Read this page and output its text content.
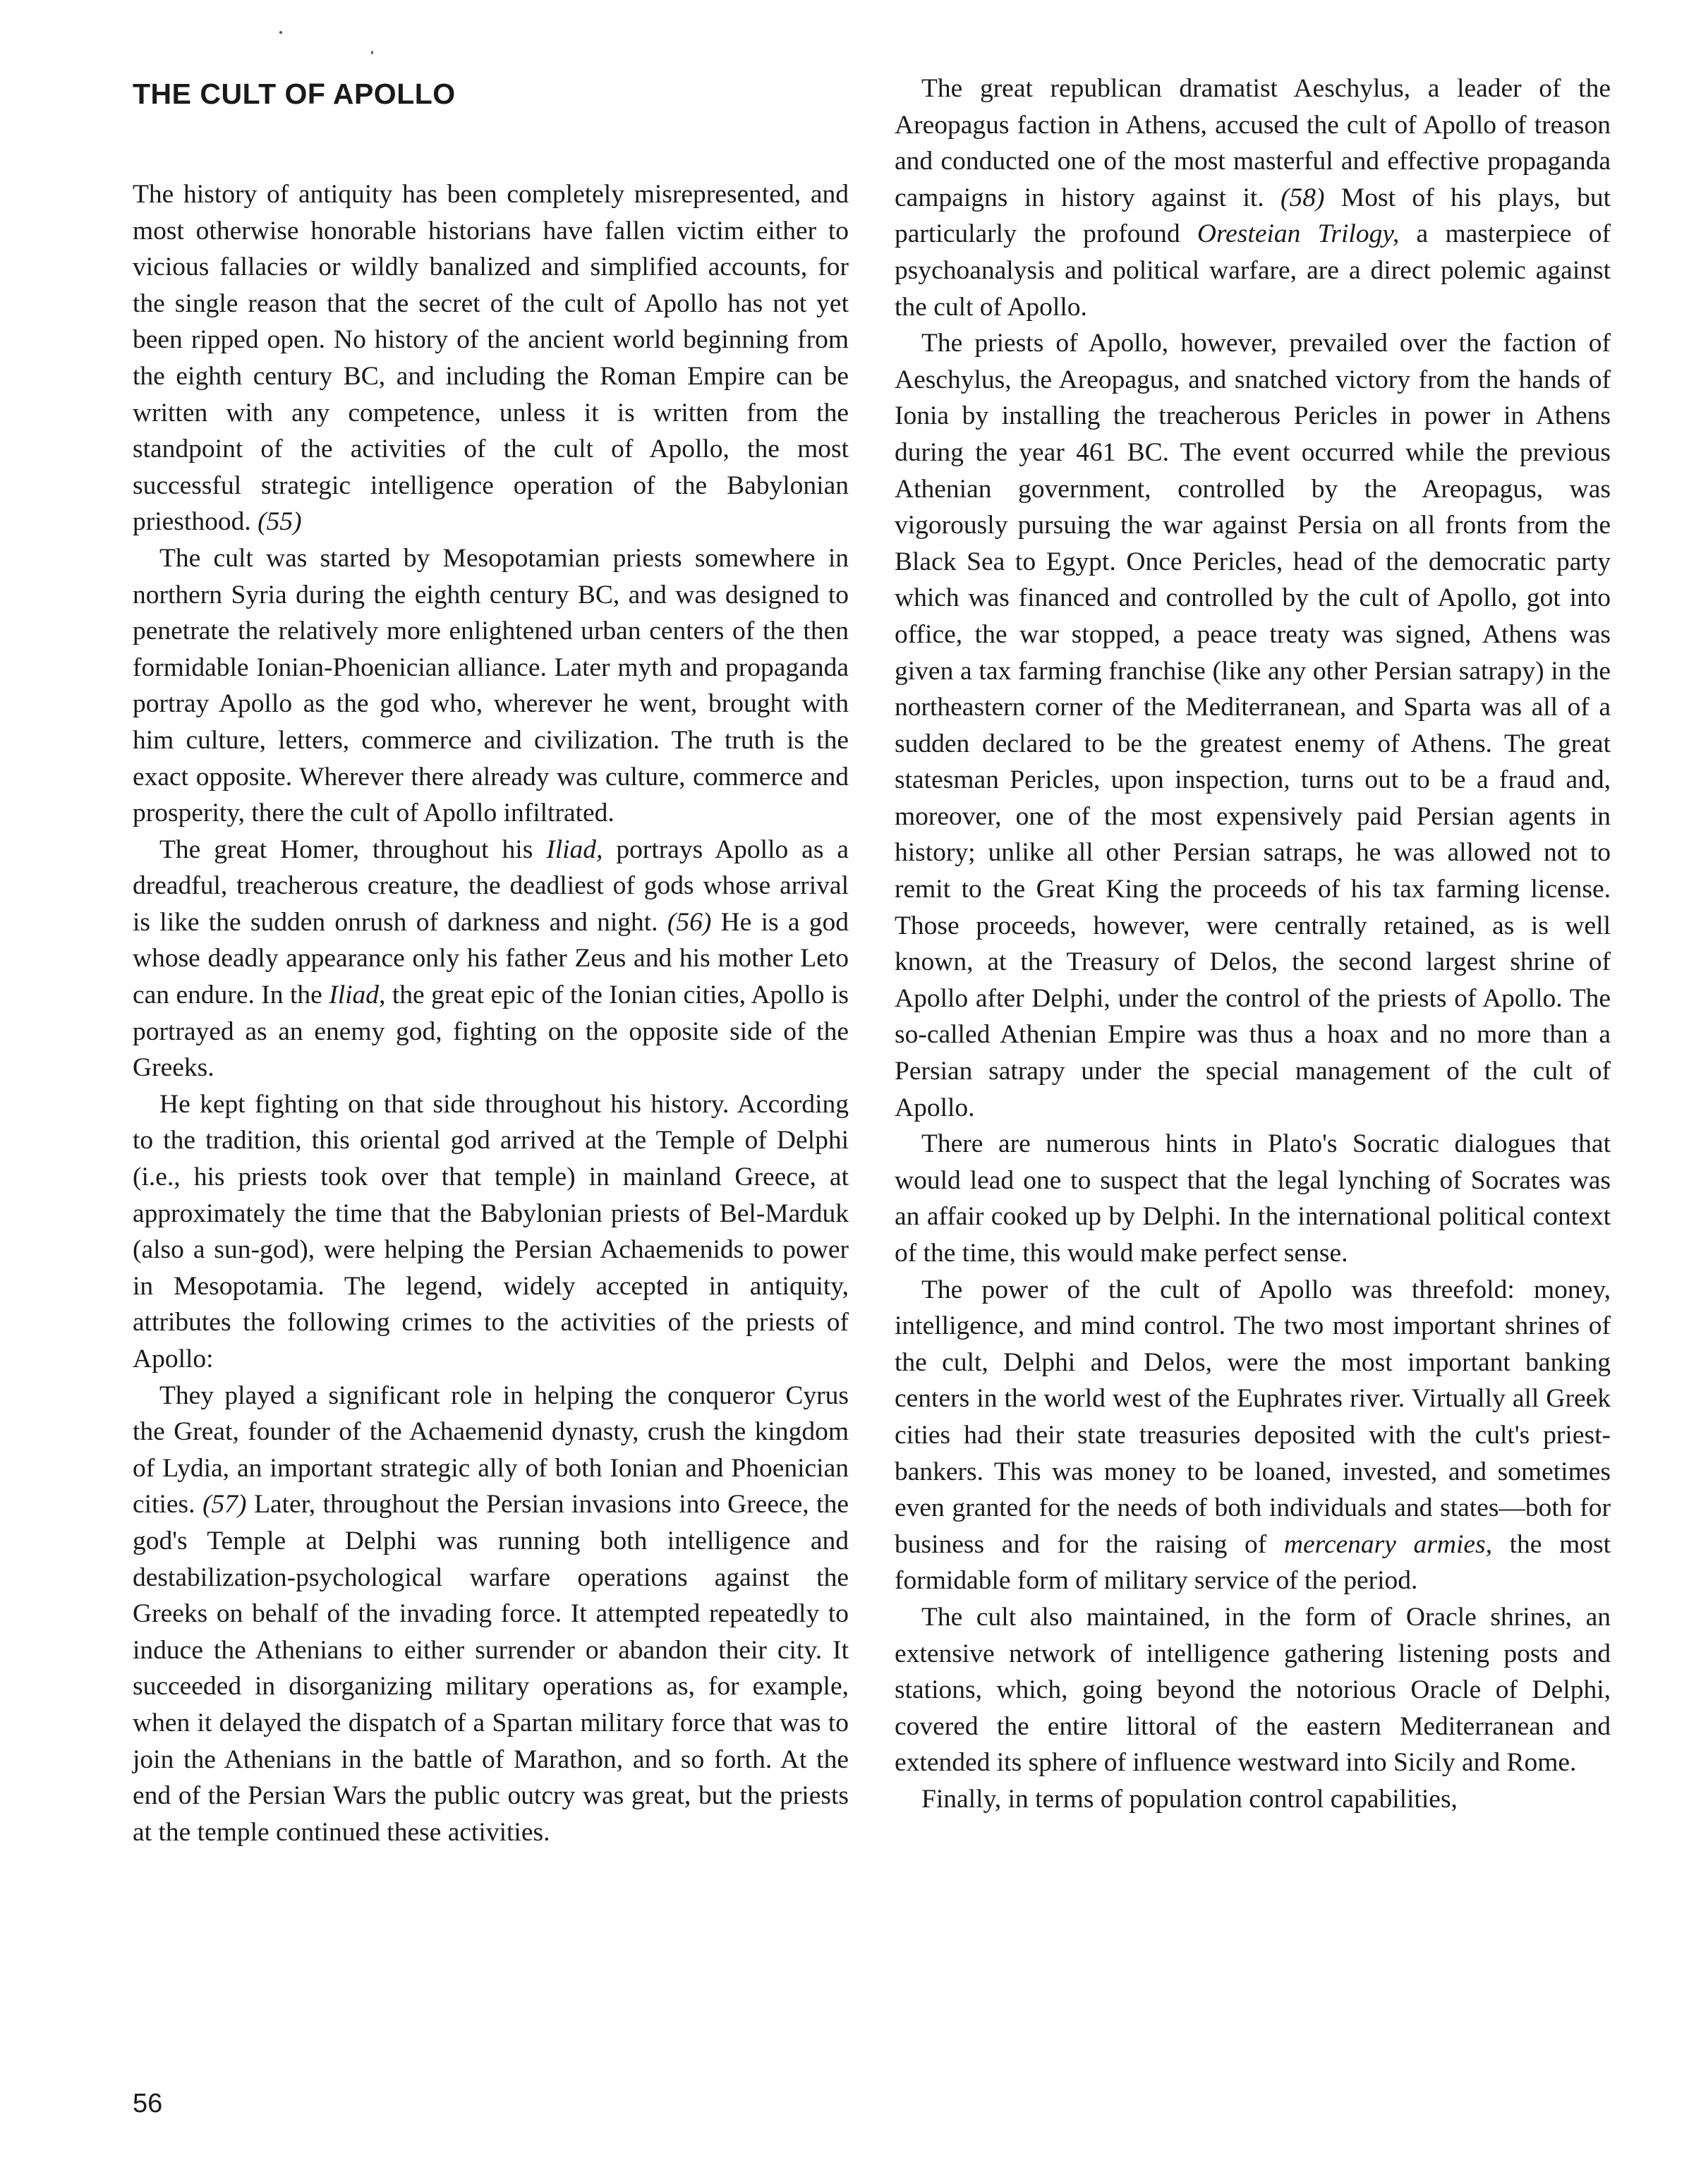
THE CULT OF APOLLO

The history of antiquity has been completely misrepresented, and most otherwise honorable historians have fallen victim either to vicious fallacies or wildly banalized and simplified accounts, for the single reason that the secret of the cult of Apollo has not yet been ripped open. No history of the ancient world beginning from the eighth century BC, and including the Roman Empire can be written with any competence, unless it is written from the standpoint of the activities of the cult of Apollo, the most successful strategic intelligence operation of the Babylonian priesthood. (55)

The cult was started by Mesopotamian priests somewhere in northern Syria during the eighth century BC, and was designed to penetrate the relatively more enlightened urban centers of the then formidable Ionian-Phoenician alliance. Later myth and propaganda portray Apollo as the god who, wherever he went, brought with him culture, letters, commerce and civilization. The truth is the exact opposite. Wherever there already was culture, commerce and prosperity, there the cult of Apollo infiltrated.

The great Homer, throughout his Iliad, portrays Apollo as a dreadful, treacherous creature, the deadliest of gods whose arrival is like the sudden onrush of darkness and night. (56) He is a god whose deadly appearance only his father Zeus and his mother Leto can endure. In the Iliad, the great epic of the Ionian cities, Apollo is portrayed as an enemy god, fighting on the opposite side of the Greeks.

He kept fighting on that side throughout his history. According to the tradition, this oriental god arrived at the Temple of Delphi (i.e., his priests took over that temple) in mainland Greece, at approximately the time that the Babylonian priests of Bel-Marduk (also a sun-god), were helping the Persian Achaemenids to power in Mesopotamia. The legend, widely accepted in antiquity, attributes the following crimes to the activities of the priests of Apollo:

They played a significant role in helping the conqueror Cyrus the Great, founder of the Achaemenid dynasty, crush the kingdom of Lydia, an important strategic ally of both Ionian and Phoenician cities. (57) Later, throughout the Persian invasions into Greece, the god's Temple at Delphi was running both intelligence and destabilization-psychological warfare operations against the Greeks on behalf of the invading force. It attempted repeatedly to induce the Athenians to either surrender or abandon their city. It succeeded in disorganizing military operations as, for example, when it delayed the dispatch of a Spartan military force that was to join the Athenians in the battle of Marathon, and so forth. At the end of the Persian Wars the public outcry was great, but the priests at the temple continued these activities.

The great republican dramatist Aeschylus, a leader of the Areopagus faction in Athens, accused the cult of Apollo of treason and conducted one of the most masterful and effective propaganda campaigns in history against it. (58) Most of his plays, but particularly the profound Oresteian Trilogy, a masterpiece of psychoanalysis and political warfare, are a direct polemic against the cult of Apollo.

The priests of Apollo, however, prevailed over the faction of Aeschylus, the Areopagus, and snatched victory from the hands of Ionia by installing the treacherous Pericles in power in Athens during the year 461 BC. The event occurred while the previous Athenian government, controlled by the Areopagus, was vigorously pursuing the war against Persia on all fronts from the Black Sea to Egypt. Once Pericles, head of the democratic party which was financed and controlled by the cult of Apollo, got into office, the war stopped, a peace treaty was signed, Athens was given a tax farming franchise (like any other Persian satrapy) in the northeastern corner of the Mediterranean, and Sparta was all of a sudden declared to be the greatest enemy of Athens. The great statesman Pericles, upon inspection, turns out to be a fraud and, moreover, one of the most expensively paid Persian agents in history; unlike all other Persian satraps, he was allowed not to remit to the Great King the proceeds of his tax farming license. Those proceeds, however, were centrally retained, as is well known, at the Treasury of Delos, the second largest shrine of Apollo after Delphi, under the control of the priests of Apollo. The so-called Athenian Empire was thus a hoax and no more than a Persian satrapy under the special management of the cult of Apollo.

There are numerous hints in Plato's Socratic dialogues that would lead one to suspect that the legal lynching of Socrates was an affair cooked up by Delphi. In the international political context of the time, this would make perfect sense.

The power of the cult of Apollo was threefold: money, intelligence, and mind control. The two most important shrines of the cult, Delphi and Delos, were the most important banking centers in the world west of the Euphrates river. Virtually all Greek cities had their state treasuries deposited with the cult's priest-bankers. This was money to be loaned, invested, and sometimes even granted for the needs of both individuals and states—both for business and for the raising of mercenary armies, the most formidable form of military service of the period.

The cult also maintained, in the form of Oracle shrines, an extensive network of intelligence gathering listening posts and stations, which, going beyond the notorious Oracle of Delphi, covered the entire littoral of the eastern Mediterranean and extended its sphere of influence westward into Sicily and Rome.

Finally, in terms of population control capabilities,

56
